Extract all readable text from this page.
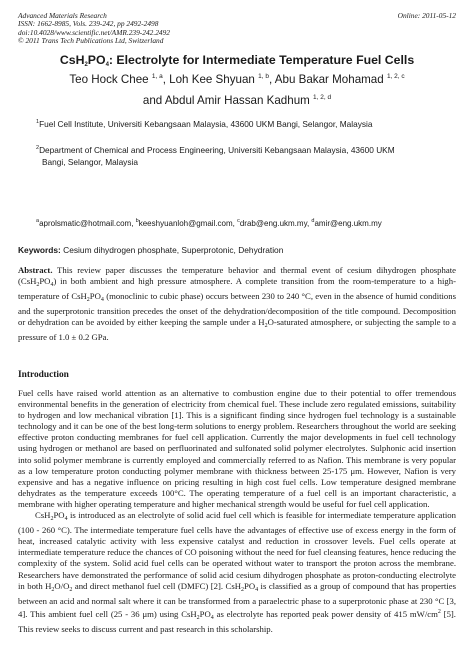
Advanced Materials Research
ISSN: 1662-8985, Vols. 239-242, pp 2492-2498
doi:10.4028/www.scientific.net/AMR.239-242.2492
© 2011 Trans Tech Publications Ltd, Switzerland
Online: 2011-05-12
$CsH_2PO_4$: Electrolyte for Intermediate Temperature Fuel Cells
Teo Hock Chee $^{1, a}$, Loh Kee Shyuan $^{1, b}$, Abu Bakar Mohamad $^{1, 2, c}$
and Abdul Amir Hassan Kadhum $^{1, 2, d}$
$^1$Fuel Cell Institute, Universiti Kebangsaan Malaysia, 43600 UKM Bangi, Selangor, Malaysia
$^2$Department of Chemical and Process Engineering, Universiti Kebangsaan Malaysia, 43600 UKM
Bangi, Selangor, Malaysia
$^a$aprolsmatic@hotmail.com, $^b$keeshyuanloh@gmail.com, $^c$drab@eng.ukm.my, $^d$amir@eng.ukm.my
Keywords: Cesium dihydrogen phosphate, Superprotonic, Dehydration
Abstract. This review paper discusses the temperature behavior and thermal event of cesium dihydrogen phosphate $(CsH_2PO_4)$ in both ambient and high pressure atmosphere. A complete transition from the room-temperature to a high-temperature of $CsH_2PO_4$ (monoclinic to cubic phase) occurs between 230 to 240 °C, even in the absence of humid conditions and the superprotonic transition precedes the onset of the dehydration/decomposition of the title compound. Decomposition or dehydration can be avoided by either keeping the sample under a $H_2O$-saturated atmosphere, or subjecting the sample to a pressure of 1.0 ± 0.2 GPa.
Introduction

Fuel cells have raised world attention as an alternative to combustion engine due to their potential to offer tremendous environmental benefits in the generation of electricity from chemical fuel. These include zero regulated emissions, suitability to hydrogen and low mechanical vibration [1]. This is a significant finding since hydrogen fuel technology is a sustainable technology and it can be one of the best long-term solutions to energy problem. Researchers throughout the world are seeking effective proton conducting membranes for fuel cell application. Currently the major developments in fuel cell technology using hydrogen or methanol are based on perfluorinated and sulfonated solid polymer electrolytes. Sulphonic acid insertion into solid polymer membrane is currently employed and commercially referred to as Nafion. This membrane is very popular as a low temperature proton conducting polymer membrane with thickness between 25-175 μm. However, Nafion is very expensive and has a negative influence on pricing resulting in high cost fuel cells. Low temperature designed membrane dehydrates as the temperature exceeds 100°C. The operating temperature of a fuel cell is an important characteristic, a membrane with higher operating temperature and higher mechanical strength would be useful for fuel cell application.

$CsH_2PO_4$ is introduced as an electrolyte of solid acid fuel cell which is feasible for intermediate temperature application (100 - 260 °C). The intermediate temperature fuel cells have the advantages of effective use of excess energy in the form of heat, increased catalytic activity with less expensive catalyst and reduction in crossover levels. Fuel cells operate at intermediate temperature reduce the chances of CO poisoning without the need for fuel cleansing features, hence reducing the complexity of the system. Solid acid fuel cells can be operated without water to transport the proton across the membrane. Researchers have demonstrated the performance of solid acid cesium dihydrogen phosphate as proton-conducting electrolyte in both $H_2O/O_2$ and direct methanol fuel cell (DMFC) [2]. $CsH_2PO_4$ is classified as a group of compound that has properties between an acid and normal salt where it can be transformed from a paraelectric phase to a superprotonic phase at 230 °C [3, 4]. This ambient fuel cell (25 - 36 μm) using $CsH_2PO_4$ as electrolyte has reported peak power density of 415 $mW/cm^2$ [5]. This review seeks to discuss current and past research in this scholarship.
